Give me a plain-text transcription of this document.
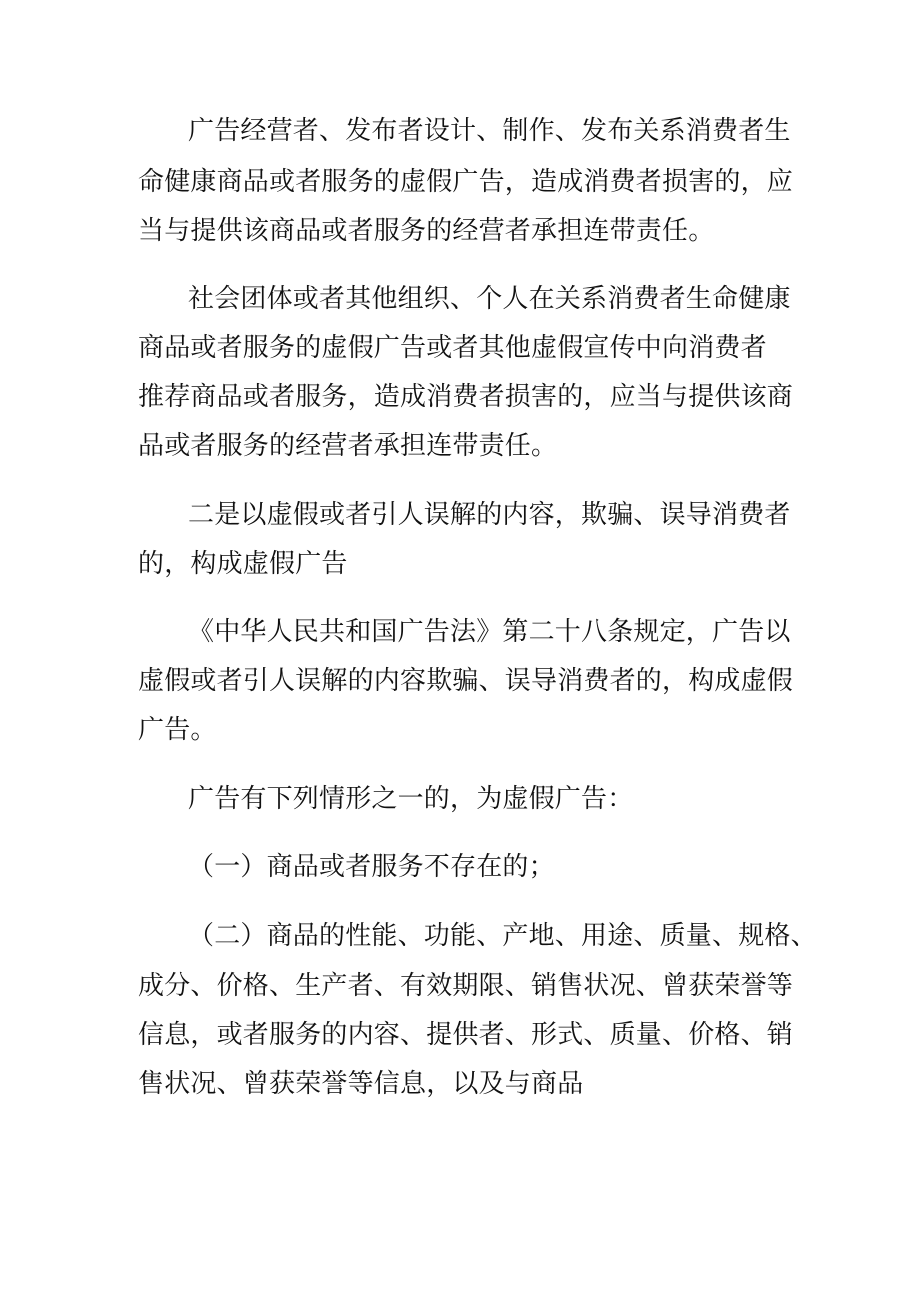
广告经营者、发布者设计、制作、发布关系消费者生
命健康商品或者服务的虚假广告，造成消费者损害的，应
当与提供该商品或者服务的经营者承担连带责任。
社会团体或者其他组织、个人在关系消费者生命健康
商品或者服务的虚假广告或者其他虚假宣传中向消费者
推荐商品或者服务，造成消费者损害的，应当与提供该商
品或者服务的经营者承担连带责任。
二是以虚假或者引人误解的内容，欺骗、误导消费者
的，构成虚假广告
《中华人民共和国广告法》第二十八条规定，广告以
虚假或者引人误解的内容欺骗、误导消费者的，构成虚假
广告。
广告有下列情形之一的，为虚假广告：
（一）商品或者服务不存在的；
（二）商品的性能、功能、产地、用途、质量、规格、
成分、价格、生产者、有效期限、销售状况、曾获荣誉等
信息，或者服务的内容、提供者、形式、质量、价格、销
售状况、曾获荣誉等信息，以及与商品
